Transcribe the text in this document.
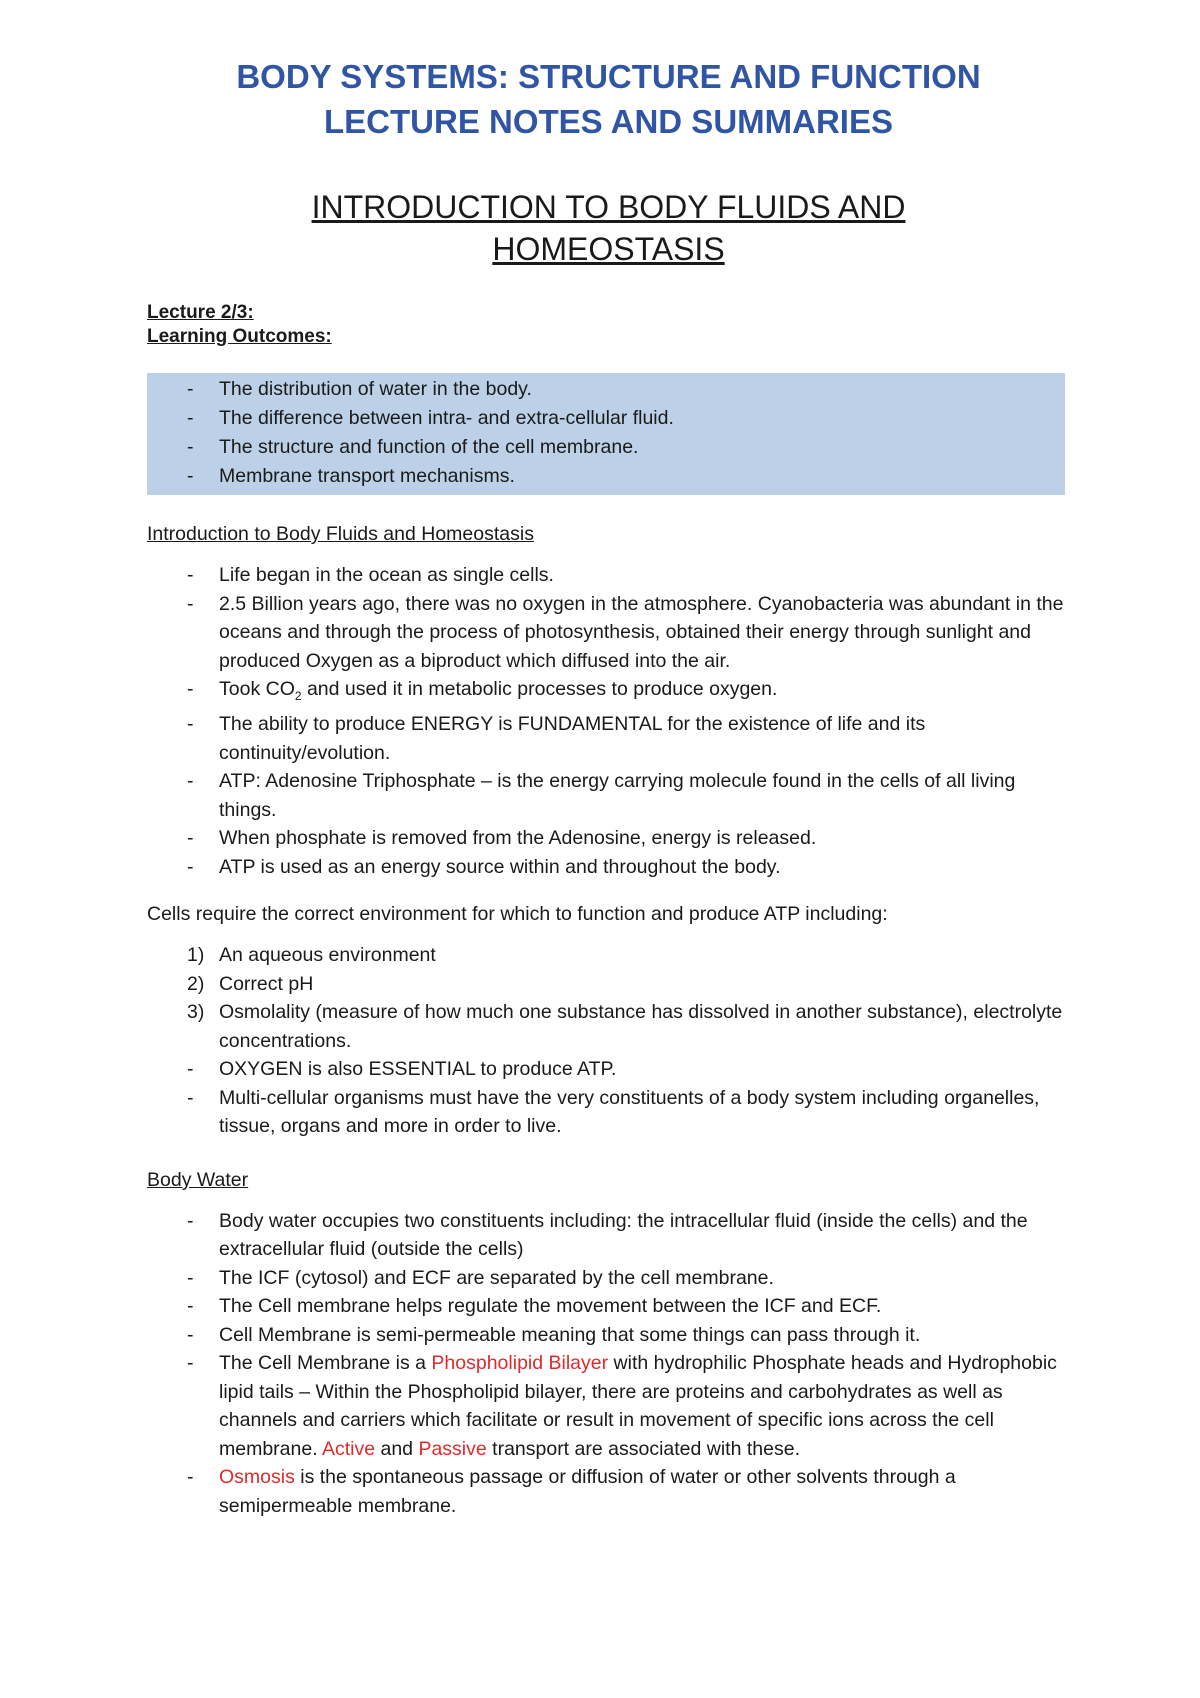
BODY SYSTEMS: STRUCTURE AND FUNCTION
LECTURE NOTES AND SUMMARIES
INTRODUCTION TO BODY FLUIDS AND
HOMEOSTASIS

Lecture 2/3:

Learning Outcomes:

- The distribution of water in the body.
- The difference between intra- and extra-cellular fluid.
- The structure and function of the cell membrane.
- Membrane transport mechanisms.
Introduction to Body Fluids and Homeostasis
- Life began in the ocean as single cells.
- 2.5 Billion years ago, there was no oxygen in the atmosphere. Cyanobacteria was abundant in the oceans and through the process of photosynthesis, obtained their energy through sunlight and produced Oxygen as a biproduct which diffused into the air.
- Took $CO_2$ and used it in metabolic processes to produce oxygen.
- The ability to produce ENERGY is FUNDAMENTAL for the existence of life and its continuity/evolution.
- ATP: Adenosine Triphosphate – is the energy carrying molecule found in the cells of all living things.
- When phosphate is removed from the Adenosine, energy is released.
- ATP is used as an energy source within and throughout the body.

Cells require the correct environment for which to function and produce ATP including:

1) An aqueous environment
2) Correct pH
3) Osmolality (measure of how much one substance has dissolved in another substance), electrolyte concentrations.
- OXYGEN is also ESSENTIAL to produce ATP.
- Multi-cellular organisms must have the very constituents of a body system including organelles, tissue, organs and more in order to live.
Body Water
- Body water occupies two constituents including: the intracellular fluid (inside the cells) and the extracellular fluid (outside the cells)
- The ICF (cytosol) and ECF are separated by the cell membrane.
- The Cell membrane helps regulate the movement between the ICF and ECF.
- Cell Membrane is semi-permeable meaning that some things can pass through it.
- The Cell Membrane is a Phospholipid Bilayer with hydrophilic Phosphate heads and Hydrophobic lipid tails – Within the Phospholipid bilayer, there are proteins and carbohydrates as well as channels and carriers which facilitate or result in movement of specific ions across the cell membrane. Active and Passive transport are associated with these.
- Osmosis is the spontaneous passage or diffusion of water or other solvents through a semipermeable membrane.
